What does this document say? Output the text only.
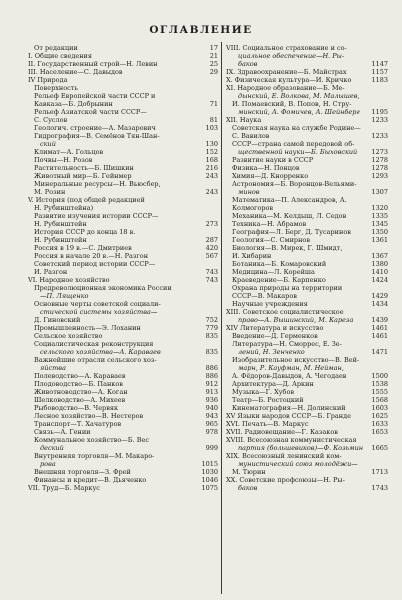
ОГЛАВЛЕНИЕ
От редакции	17
I. Общие сведения	21
II. Государственный строй—Н. Левин	25
III. Население—С. Давыдов	29
IV Природа
Поверхность
Рельеф Европейской части СССР и
Кавказа—Б. Добрынин	71
Рельеф Азиатской части СССР—
С. Суслов	81
Геологич. строение—А. Мазарович	103
Гидрография—В. Семёнов Тян-Шан-
ский	130
Климат—А. Гольцов	152
Почвы—Н. Розов	168
Растительность—Б. Шишкин	216
Животный мир—Б. Гейнмер	243
Минеральные ресурсы—Н. Вьюсбер,
М. Розин	243
V. История (под общей редакцией
Н. Рубинштейна)
Развитие изучения истории СССР—
Н. Рубинштейн	273
История СССР до конца 18 в.
Н. Рубинштейн	287
Россия в 19 в.—С. Дмитриев	420
Россия в начале 20 в.—Н. Разгон	567
Советский период истории СССР—
И. Разгон	743
VI. Народное хозяйство	743
Предреволюционная экономика России
—П. Лященко
Основные черты советской социали-
стической системы хозяйства—
Д. Гиновский	752
Промышленность—Э. Лоханин	779
Сельское хозяйство	835
Социалистическая реконструкция
сельского хозяйства—А. Караваев	835
Важнейшие отрасли сельского хоз-
яйства	886
Полеводство—А. Караваев	886
Плодоводство—Б. Панков	912
Животноводство—А. Коган	913
Шелководство—А. Михеев	936
Рыбоводство—В. Червяк	940
Лесное хозяйство—В. Нестеров	943
Транспорт—Т. Хачатуров	965
Связь—А. Гении	978
Коммунальное хозяйство—Б. Вес
деский	999
Внутренняя торговля—М. Макаро-
рова	1015
Внешняя торговля—З. Фрей	1030
Финансы и кредит—В. Дьяченко	1046
VII. Труд—Б. Маркус	1075
VIII. Социальное страхование и со-
циальное обеспечение—Н. Ры-
баков	1147
IX. Здравоохранение—Б. Майстрах	1157
X. Физическая культура—И. Кричко	1183
XI. Народное образование—Б. Ме-
дынский, Е. Волкова, М. Малышев,
И. Помаевский, В. Попов, Н. Стру-
минский, А. Фомичев, А. Шейнберг	1195
XII. Наука	1233
Советская наука на службе Родине—
С. Вавилов	1233
СССР—страна самой передовой об-
щественной науки—Б. Быховский	1273
Развитие науки в СССР	1278
Физика—Н. Понцов	1278
Химия—Д. Кнорренко	1293
Астрономия—Б. Воронцов-Вельями-
минов	1307
Математика—П. Александров, А.
Колмогоров	1320
Механика—М. Келдыш, Л. Седов	1335
Техника—Н. Абрамов	1345
География—Л. Берг, Д. Тусаринов	1350
Геология—С. Смирнов	1361
Биология—В. Мирек, Г. Шмидт,
И. Хибарин	1367
Ботаника—Б. Комаровский	1380
Медицина—Л. Корейша	1410
Краеведение—Б. Карпенко	1424
Охрана природы на территории
СССР—В. Макаров	1429
Научные учреждения	1434
XIII. Советское социалистическое
право—А. Вышинский, М. Кареза	1439
XIV Литература и искусство	1461
Введение—Д. Герменков	1461
Литература—Н. Сморрес, Е. Зе-
лений, Н. Зенченко	1471
Изобразительное искусство—В. Вей-
марн, Р. Кауфман, М. Нейман,
А. Фёдоров-Давыдов, А. Чегодаев	1500
Архитектура—Д. Аркин	1538
Музыка—Г. Хубов	1555
Театр—Б. Ростоцкий	1568
Кинематография—Н. Долинский	1603
XV Языки народов СССР—Б. Гранде	1625
XVI. Печать—В. Маркус	1633
XVII. Радиовещание—Г. Казаков	1653
XVIII. Всесоюзная коммунистическая
партия (большевиков)—Ф. Козьмин	1665
XIX. Всесоюзный ленинский ком-
мунистический союз молодёжи—
М. Тюрин	1713
XX. Советские профсоюзы—Н. Ры-
баков	1743
